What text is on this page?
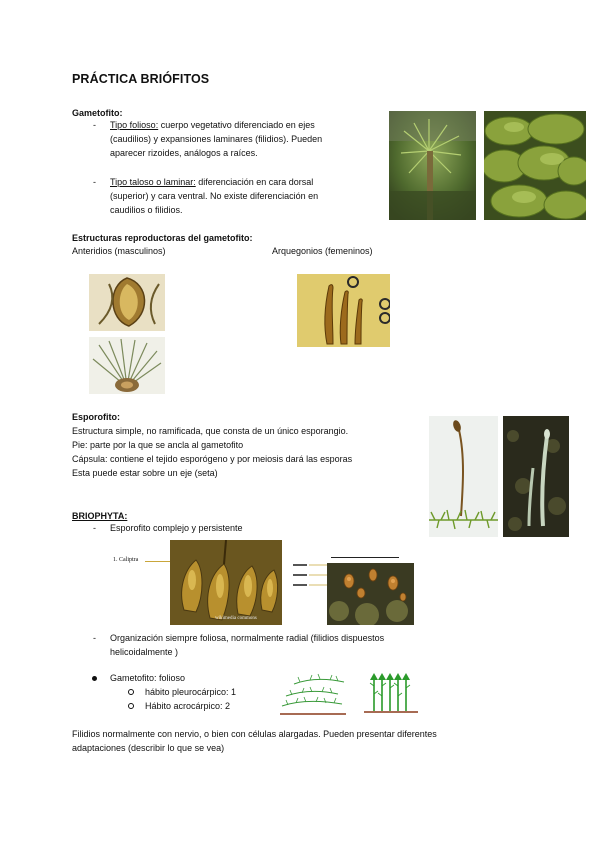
PRÁCTICA BRIÓFITOS
Gametofito:
- Tipo folioso: cuerpo vegetativo diferenciado en ejes
(caudilios) y expansiones laminares (filidios). Pueden
aparecer rizoides, análogos a raíces.
- Tipo taloso o laminar: diferenciación en cara dorsal
(superior) y cara ventral. No existe diferenciación en
caudilios o filidios.
Estructuras reproductoras del gametofito:
Anteridios (masculinos)	Arquegonios (femeninos)
Esporofito:
Estructura simple, no ramificada, que consta de un único esporangio.
Pie: parte por la que se ancla al gametofito
Cápsula: contiene el tejido esporógeno y por meiosis dará las esporas
Esta puede estar sobre un eje (seta)
BRIOPHYTA:
- Esporofito complejo y persistente
1. Caliptra
wikimedia commons
- Organización siempre foliosa, normalmente radial (filidios dispuestos
helicoidalmente )
Gametofito: folioso
hábito pleurocárpico: 1
Hábito acrocárpico: 2
Filidios normalmente con nervio, o bien con células alargadas. Pueden presentar diferentes
adaptaciones (describir lo que se vea)
